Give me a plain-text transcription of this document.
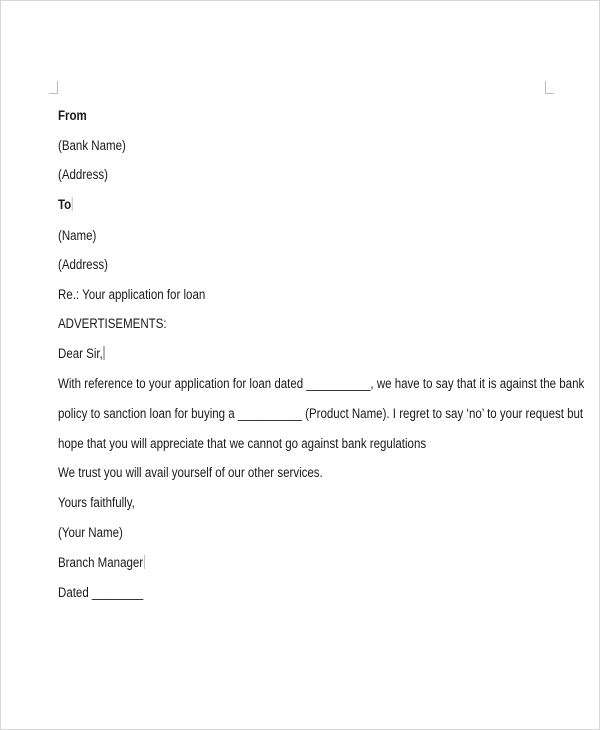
From
(Bank Name)
(Address)
To
(Name)
(Address)
Re.: Your application for loan
ADVERTISEMENTS:
Dear Sir,
With reference to your application for loan dated __________, we have to say that it is against the bank
policy to sanction loan for buying a __________ (Product Name). I regret to say ‘no’ to your request but
hope that you will appreciate that we cannot go against bank regulations
We trust you will avail yourself of our other services.
Yours faithfully,
(Your Name)
Branch Manager
Dated ________
